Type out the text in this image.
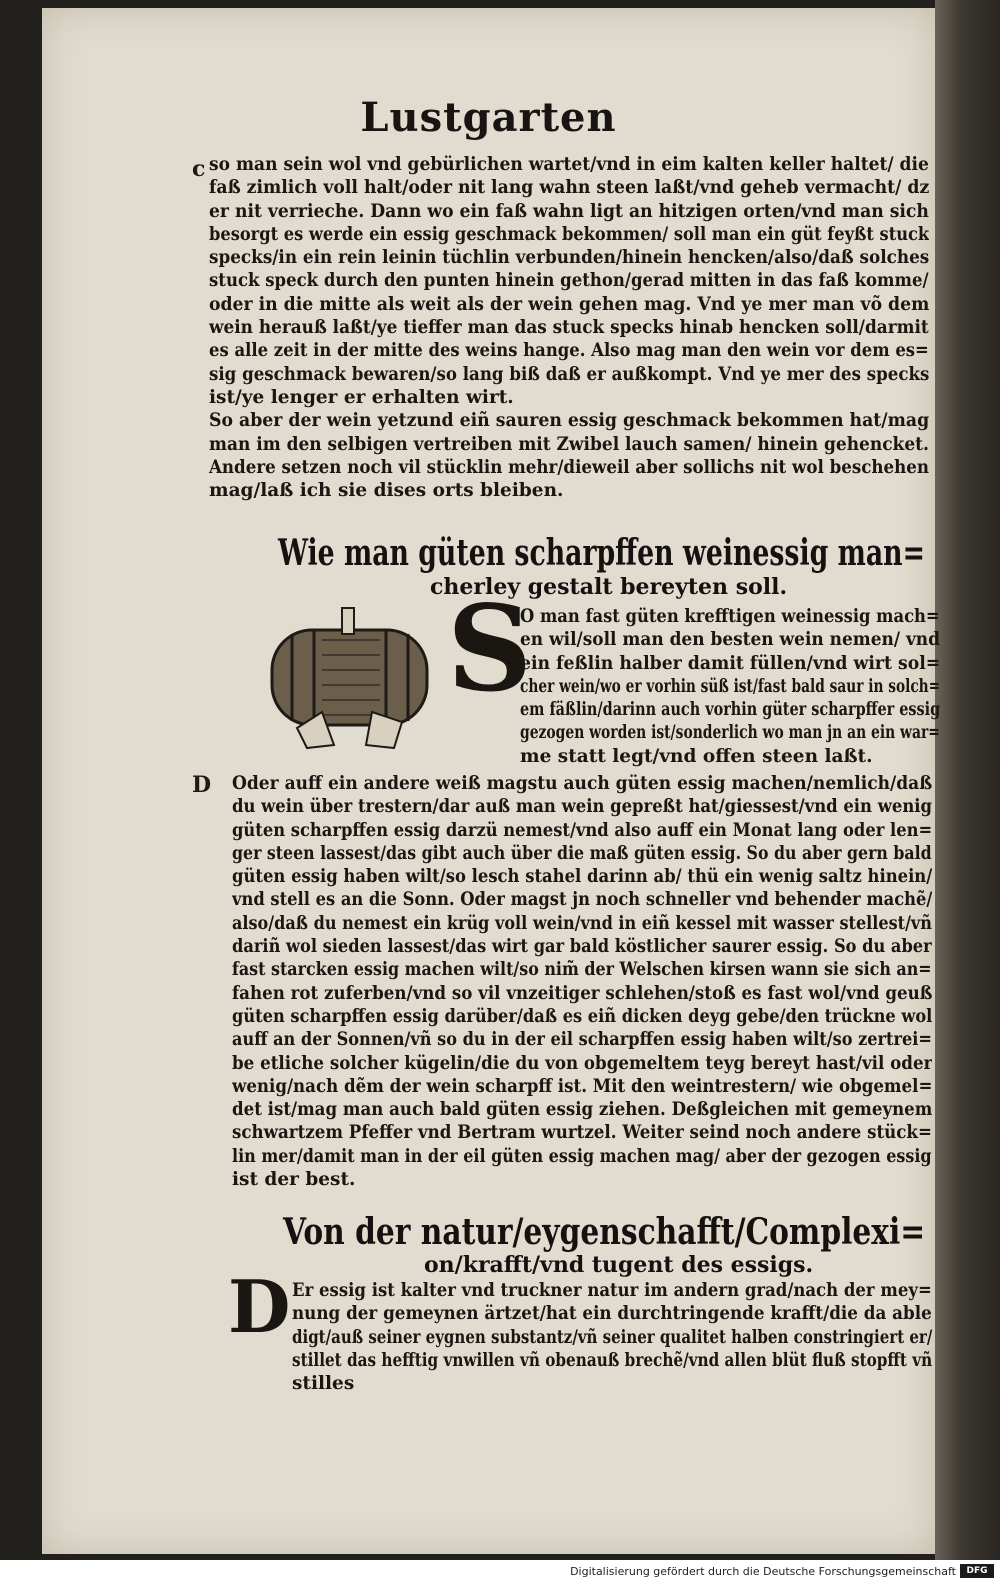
Lustgarten
c so man sein wol vnd gebürlichen wartet/vnd in eim kalten keller haltet/ die
faß zimlich voll halt/oder nit lang wahn steen laßt/vnd geheb vermacht/ dz
er nit verrieche. Dann wo ein faß wahn ligt an hitzigen orten/vnd man sich
besorgt es werde ein essig geschmack bekommen/ soll man ein güt feyßt stuck
specks/in ein rein leinin tüchlin verbunden/hinein hencken/also/daß solches
stuck speck durch den punten hinein gethon/gerad mitten in das faß komme/
oder in die mitte als weit als der wein gehen mag. Vnd ye mer man võ dem
wein herauß laßt/ye tieffer man das stuck specks hinab hencken soll/darmit
es alle zeit in der mitte des weins hange. Also mag man den wein vor dem es=
sig geschmack bewaren/so lang biß daß er außkompt. Vnd ye mer des specks
ist/ye lenger er erhalten wirt.
So aber der wein yetzund eiñ sauren essig geschmack bekommen hat/mag
man im den selbigen vertreiben mit Zwibel lauch samen/ hinein gehencket.
Andere setzen noch vil stücklin mehr/dieweil aber sollichs nit wol beschehen
mag/laß ich sie dises orts bleiben.
Wie man güten scharpffen weinessig man=
cherley gestalt bereyten soll.
S
O man fast güten krefftigen weinessig mach=
en wil/soll man den besten wein nemen/ vnd
ein feßlin halber damit füllen/vnd wirt sol=
cher wein/wo er vorhin süß ist/fast bald saur in solch=
em fäßlin/darinn auch vorhin güter scharpffer essig
gezogen worden ist/sonderlich wo man jn an ein war=
me statt legt/vnd offen steen laßt.
D Oder auff ein andere weiß magstu auch güten essig machen/nemlich/daß
du wein über trestern/dar auß man wein gepreßt hat/giessest/vnd ein wenig
güten scharpffen essig darzü nemest/vnd also auff ein Monat lang oder len=
ger steen lassest/das gibt auch über die maß güten essig. So du aber gern bald
güten essig haben wilt/so lesch stahel darinn ab/ thü ein wenig saltz hinein/
vnd stell es an die Sonn. Oder magst jn noch schneller vnd behender machẽ/
also/daß du nemest ein krüg voll wein/vnd in eiñ kessel mit wasser stellest/vñ
dariñ wol sieden lassest/das wirt gar bald köstlicher saurer essig. So du aber
fast starcken essig machen wilt/so nim̃ der Welschen kirsen wann sie sich an=
fahen rot zuferben/vnd so vil vnzeitiger schlehen/stoß es fast wol/vnd geuß
güten scharpffen essig darüber/daß es eiñ dicken deyg gebe/den trückne wol
auff an der Sonnen/vñ so du in der eil scharpffen essig haben wilt/so zertrei=
be etliche solcher kügelin/die du von obgemeltem teyg bereyt hast/vil oder
wenig/nach dẽm der wein scharpff ist. Mit den weintrestern/ wie obgemel=
det ist/mag man auch bald güten essig ziehen. Deßgleichen mit gemeynem
schwartzem Pfeffer vnd Bertram wurtzel. Weiter seind noch andere stück=
lin mer/damit man in der eil güten essig machen mag/ aber der gezogen essig
ist der best.
Von der natur/eygenschafft/Complexi=
on/krafft/vnd tugent des essigs.
D Er essig ist kalter vnd truckner natur im andern grad/nach der mey=
nung der gemeynen ärtzet/hat ein durchtringende krafft/die da able
digt/auß seiner eygnen substantz/vñ seiner qualitet halben constringiert er/
stillet das hefftig vnwillen vñ obenauß brechẽ/vnd allen blüt fluß stopfft vñ
stilles
Digitalisierung gefördert durch die Deutsche Forschungsgemeinschaft	DFG
